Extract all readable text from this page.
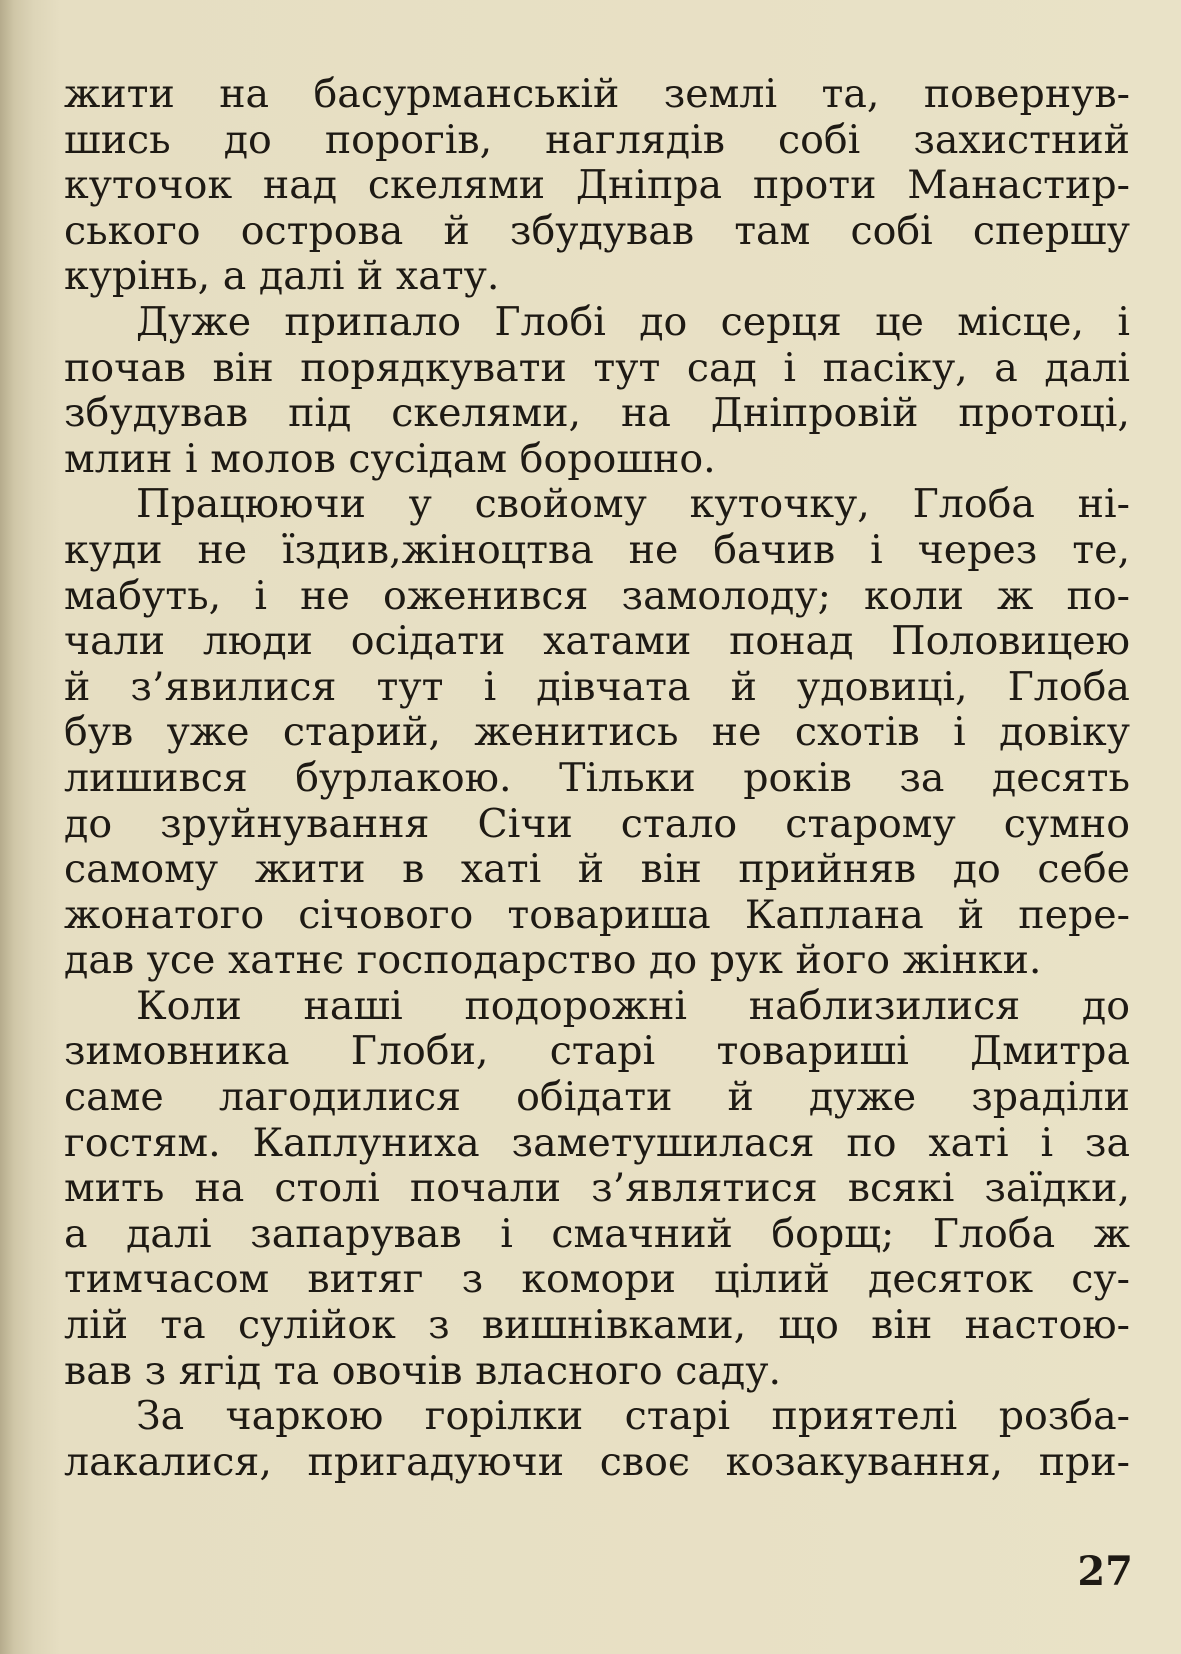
жити на басурманській землі та, повернув-
шись до порогів, наглядів собі захистний
куточок над скелями Дніпра проти Манастир-
ського острова й збудував там собі спершу
курінь, а далі й хату.
Дуже припало Глобі до серця це місце, і
почав він порядкувати тут сад і пасіку, а далі
збудував під скелями, на Дніпровій протоці,
млин і молов сусідам борошно.
Працюючи у свойому куточку, Глоба ні-
куди не їздив,жіноцтва не бачив і через те,
мабуть, і не оженився замолоду; коли ж по-
чали люди осідати хатами понад Половицею
й з’явилися тут і дівчата й удовиці, Глоба
був уже старий, женитись не схотів і довіку
лишився бурлакою. Тільки років за десять
до зруйнування Січи стало старому сумно
самому жити в хаті й він прийняв до себе
жонатого січового товариша Каплана й пере-
дав усе хатнє господарство до рук його жінки.
Коли наші подорожні наблизилися до
зимовника Глоби, старі товариші Дмитра
саме лагодилися обідати й дуже зраділи
гостям. Каплуниха заметушилася по хаті і за
мить на столі почали з’являтися всякі заїдки,
а далі запарував і смачний борщ; Глоба ж
тимчасом витяг з комори цілий десяток су-
лій та сулійок з вишнівками, що він настою-
вав з ягід та овочів власного саду.
За чаркою горілки старі приятелі розба-
лакалися, пригадуючи своє козакування, при-
27
